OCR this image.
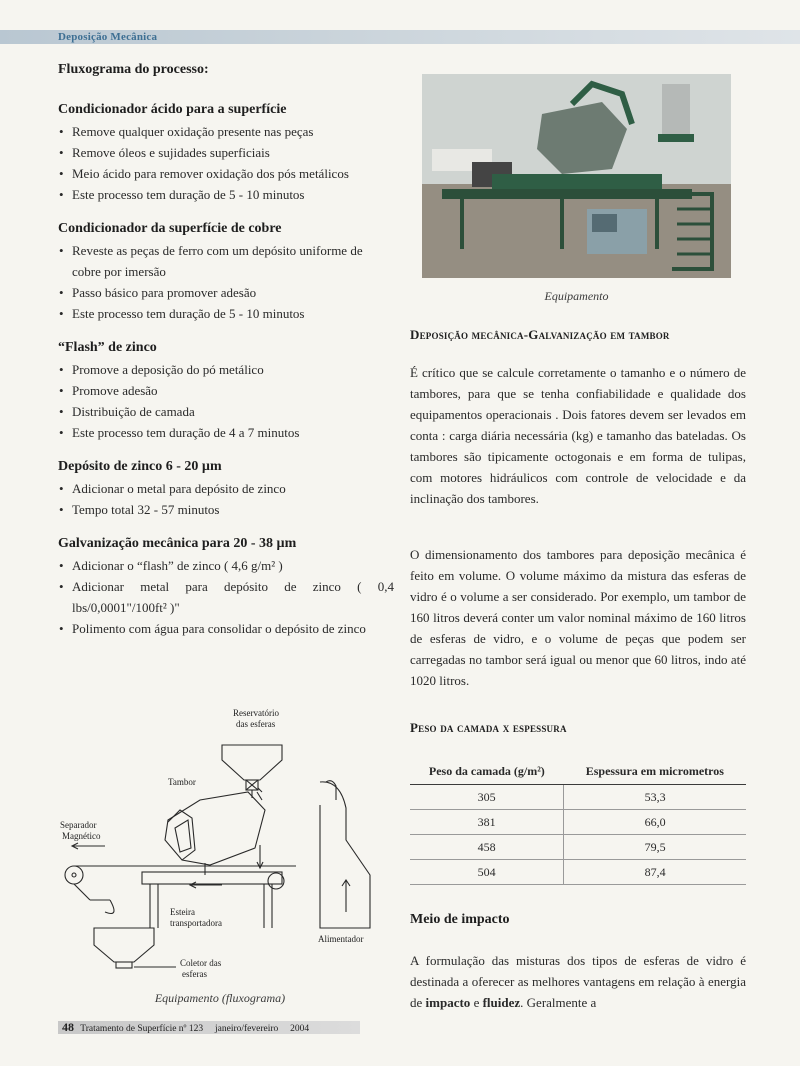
Deposição Mecânica
Fluxograma do processo:
Condicionador ácido para a superfície
• Remove qualquer oxidação presente nas peças
• Remove óleos e sujidades superficiais
• Meio ácido para remover oxidação dos pós metálicos
• Este processo tem duração de 5 - 10 minutos
Condicionador da superfície de cobre
• Reveste as peças de ferro com um depósito uniforme de cobre por imersão
• Passo básico para promover adesão
• Este processo tem duração de 5 - 10 minutos
“Flash” de zinco
• Promove a deposição do pó metálico
• Promove adesão
• Distribuição de camada
• Este processo tem duração de 4 a 7 minutos
Depósito de zinco 6 - 20 µm
• Adicionar o metal para depósito de zinco
• Tempo total 32 - 57 minutos
Galvanização mecânica para 20 - 38 µm
• Adicionar o “flash” de zinco ( 4,6 g/m² )
• Adicionar metal para depósito de zinco ( 0,4 lbs/0,0001"/100ft² )"
• Polimento com água para consolidar o depósito de zinco
Reservatório
das esferas
Tambor
Separador
Magnético
Esteira
transportadora
Alimentador
Coletor das
esferas
Equipamento (fluxograma)
Equipamento
Deposição mecânica-Galvanização em tambor

É crítico que se calcule corretamente o tamanho e o número de tambores, para que se tenha confiabilidade e qualidade dos equipamentos operacionais . Dois fatores devem ser levados em conta : carga diária necessária (kg) e tamanho das bateladas. Os tambores são tipicamente octogonais e em forma de tulipas, com motores hidráulicos com controle de velocidade e da inclinação dos tambores.

O dimensionamento dos tambores para deposição mecânica é feito em volume. O volume máximo da mistura das esferas de vidro é o volume a ser considerado. Por exemplo, um tambor de 160 litros deverá conter um valor nominal máximo de 160 litros de esferas de vidro, e o volume de peças que podem ser carregadas no tambor será igual ou menor que 60 litros, indo até 1020 litros.

Peso da camada x espessura
Peso da camada (g/m²)	Espessura em micrometros
305	53,3
381	66,0
458	79,5
504	87,4
Meio de impacto

A formulação das misturas dos tipos de esferas de vidro é destinada a oferecer as melhores vantagens em relação à energia de impacto e fluidez. Geralmente a

48 Tratamento de Superfície nº 123 janeiro/fevereiro 2004
